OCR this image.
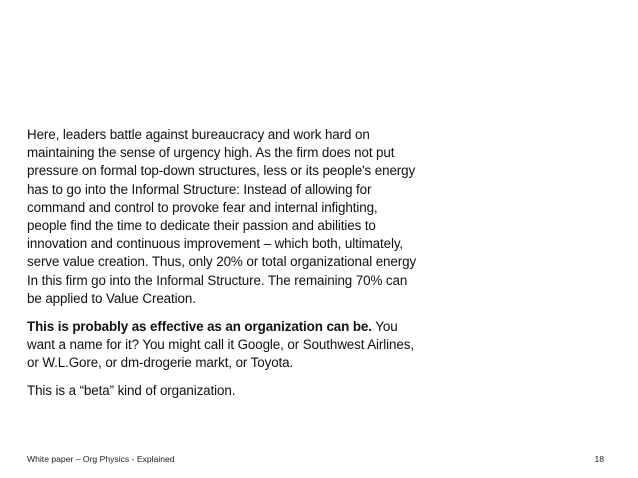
Here, leaders battle against bureaucracy and work hard on maintaining the sense of urgency high. As the firm does not put pressure on formal top-down structures, less or its people's energy has to go into the Informal Structure: Instead of allowing for command and control to provoke fear and internal infighting, people find the time to dedicate their passion and abilities to innovation and continuous improvement – which both, ultimately, serve value creation. Thus, only 20% or total organizational energy In this firm go into the Informal Structure. The remaining 70% can be applied to Value Creation.

This is probably as effective as an organization can be. You want a name for it? You might call it Google, or Southwest Airlines, or W.L.Gore, or dm-drogerie markt, or Toyota.

This is a “beta” kind of organization.

White paper – Org Physics - Explained	18
